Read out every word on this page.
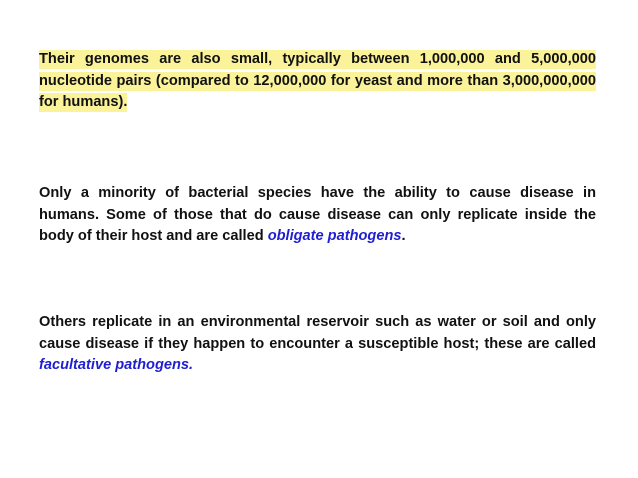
Their genomes are also small, typically between 1,000,000 and 5,000,000 nucleotide pairs (compared to 12,000,000 for yeast and more than 3,000,000,000 for humans).

Only a minority of bacterial species have the ability to cause disease in humans. Some of those that do cause disease can only replicate inside the body of their host and are called obligate pathogens.

Others replicate in an environmental reservoir such as water or soil and only cause disease if they happen to encounter a susceptible host; these are called facultative pathogens.
